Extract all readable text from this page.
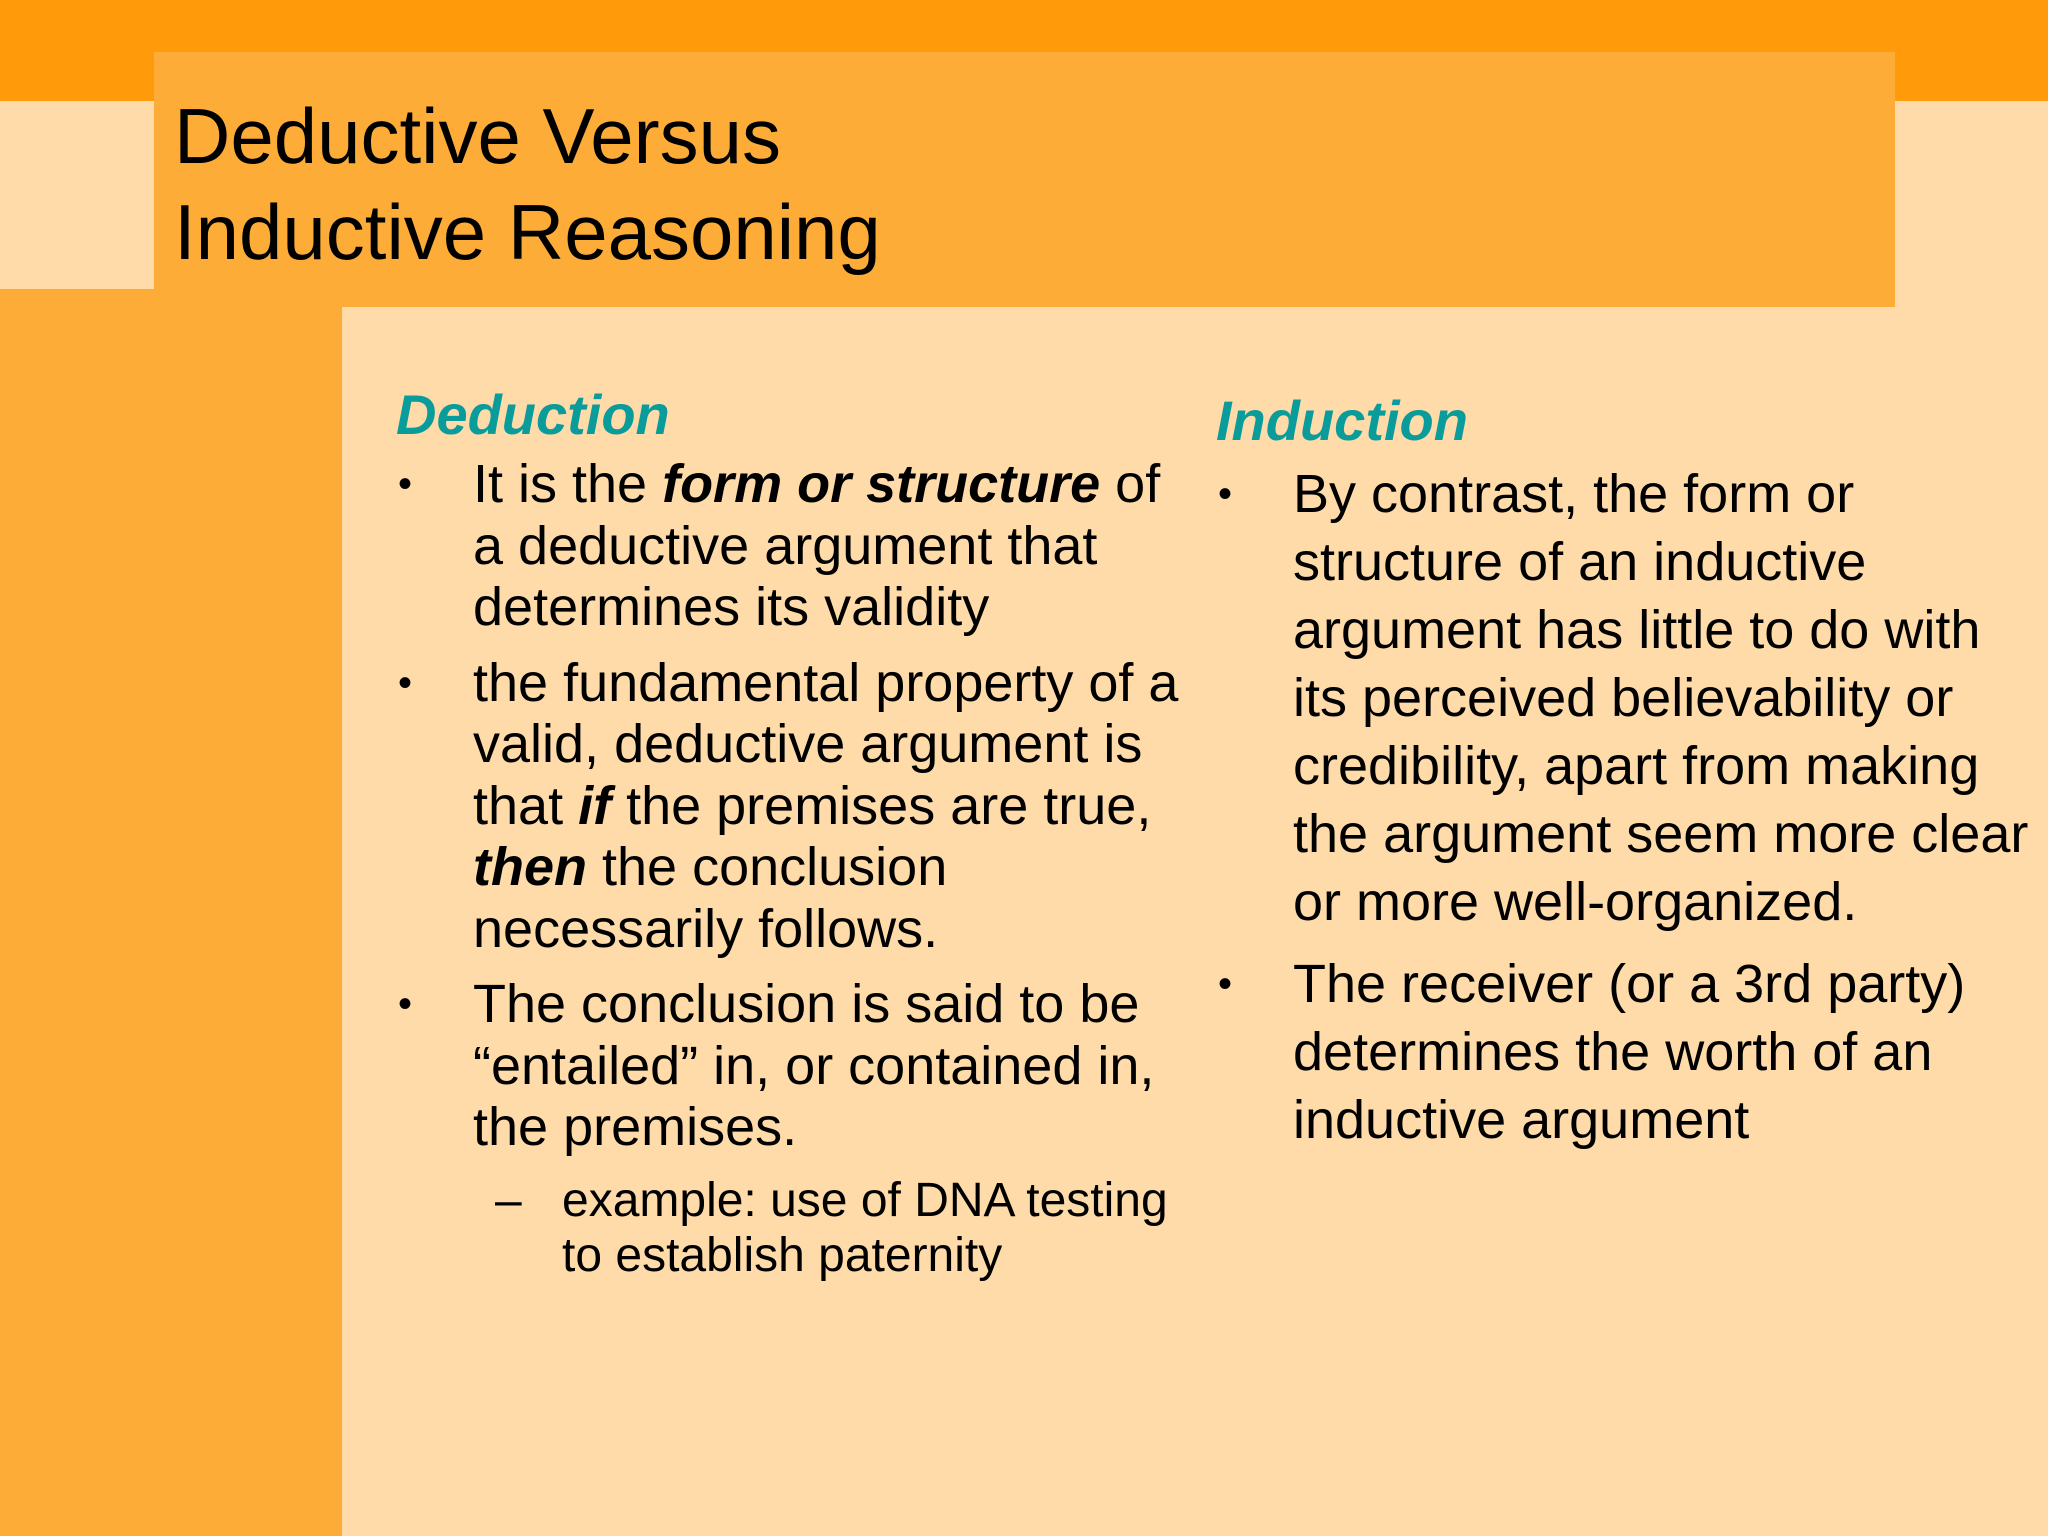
Deductive Versus
Inductive Reasoning
Deduction
• It is the form or structure of a deductive argument that determines its validity
• the fundamental property of a valid, deductive argument is that if the premises are true, then the conclusion necessarily follows.
• The conclusion is said to be “entailed” in, or contained in, the premises.
– example: use of DNA testing to establish paternity
Induction
• By contrast, the form or structure of an inductive argument has little to do with its perceived believability or credibility, apart from making the argument seem more clear or more well-organized.
• The receiver (or a 3rd party) determines the worth of an inductive argument
